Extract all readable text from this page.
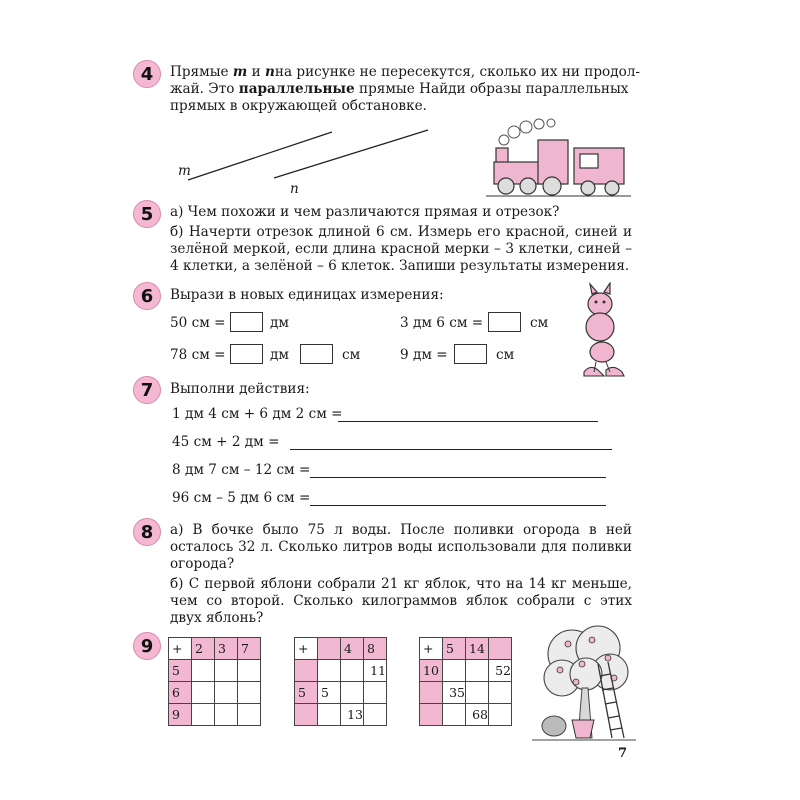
4	Прямые m и n на рисунке не пересекутся, сколько их ни продол-
жай. Это параллельные прямые Найди образы параллельных
прямых в окружающей обстановке.
m
n
5	а) Чем похожи и чем различаются прямая и отрезок?
б) Начерти отрезок длиной 6 см. Измерь его красной, синей и зелёной меркой, если длина красной мерки – 3 клетки, синей – 4 клетки, а зелёной – 6 клеток. Запиши результаты измерения.
6	Вырази в новых единицах измерения:
50 см =	дм	3 дм 6 см =	см
78 см =	дм	см	9 дм =	см
7	Выполни действия:
1 дм 4 см + 6 дм 2 см =
45 см + 2 дм =
8 дм 7 см – 12 см =
96 см – 5 дм 6 см =
8	а) В бочке было 75 л воды. После поливки огорода в ней осталось 32 л. Сколько литров воды использовали для поливки огорода?
б) С первой яблони собрали 21 кг яблок, что на 14 кг меньше, чем со второй. Сколько килограммов яблок собрали с этих двух яблонь?
9	+	2	3	7
5			
6			
9			
+		4	8
			11
5	5		
		13	
+	5	14	
10			52
	35		
		68	
7
